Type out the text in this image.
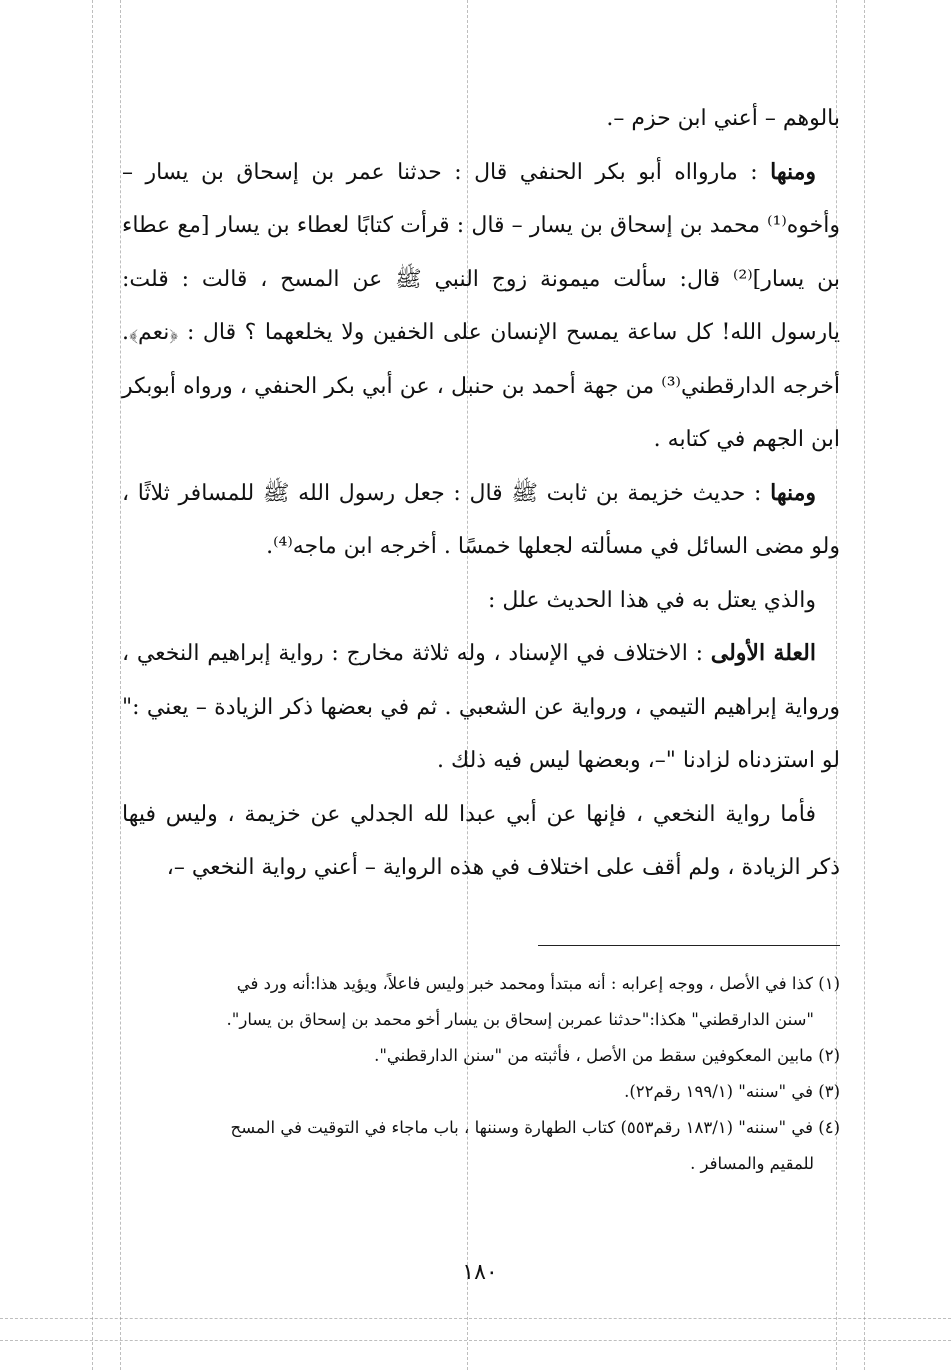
بالوهم – أعني ابن حزم –.

ومنها : ماروااه أبو بكر الحنفي قال : حدثنا عمر بن إسحاق بن يسار – وأخوه⁽¹⁾ محمد بن إسحاق بن يسار – قال : قرأت كتابًا لعطاء بن يسار [مع عطاء بن يسار]⁽²⁾ قال: سألت ميمونة زوج النبي ﷺ عن المسح ، قالت : قلت: يارسول الله! كل ساعة يمسح الإنسان على الخفين ولا يخلعهما ؟ قال : ﴿نعم﴾. أخرجه الدارقطني⁽³⁾ من جهة أحمد بن حنبل ، عن أبي بكر الحنفي ، ورواه أبوبكر ابن الجهم في كتابه .

ومنها : حديث خزيمة بن ثابت ﷺ قال : جعل رسول الله ﷺ للمسافر ثلاثًا ، ولو مضى السائل في مسألته لجعلها خمسًا . أخرجه ابن ماجه⁽⁴⁾.

والذي يعتل به في هذا الحديث علل :

العلة الأولى : الاختلاف في الإسناد ، وله ثلاثة مخارج : رواية إبراهيم النخعي ، ورواية إبراهيم التيمي ، ورواية عن الشعبي . ثم في بعضها ذكر الزيادة – يعني :" لو استزدناه لزادنا "–، وبعضها ليس فيه ذلك .

فأما رواية النخعي ، فإنها عن أبي عبدا لله الجدلي عن خزيمة ، وليس فيها ذكر الزيادة ، ولم أقف على اختلاف في هذه الرواية – أعني رواية النخعي –،

(١) كذا في الأصل ، ووجه إعرابه : أنه مبتدأ ومحمد خبر وليس فاعلاً، ويؤيد هذا:أنه ورد في

"سنن الدارقطني" هكذا:"حدثنا عمربن إسحاق بن يسار أخو محمد بن إسحاق بن يسار".

(٢) مابين المعكوفين سقط من الأصل ، فأثبته من "سنن الدارقطني".

(٣) في "سننه" (١٩٩/١ رقم٢٢).

(٤) في "سننه" (١٨٣/١ رقم٥٥٣) كتاب الطهارة وسننها ، باب ماجاء في التوقيت في المسح

للمقيم والمسافر .

١٨٠
